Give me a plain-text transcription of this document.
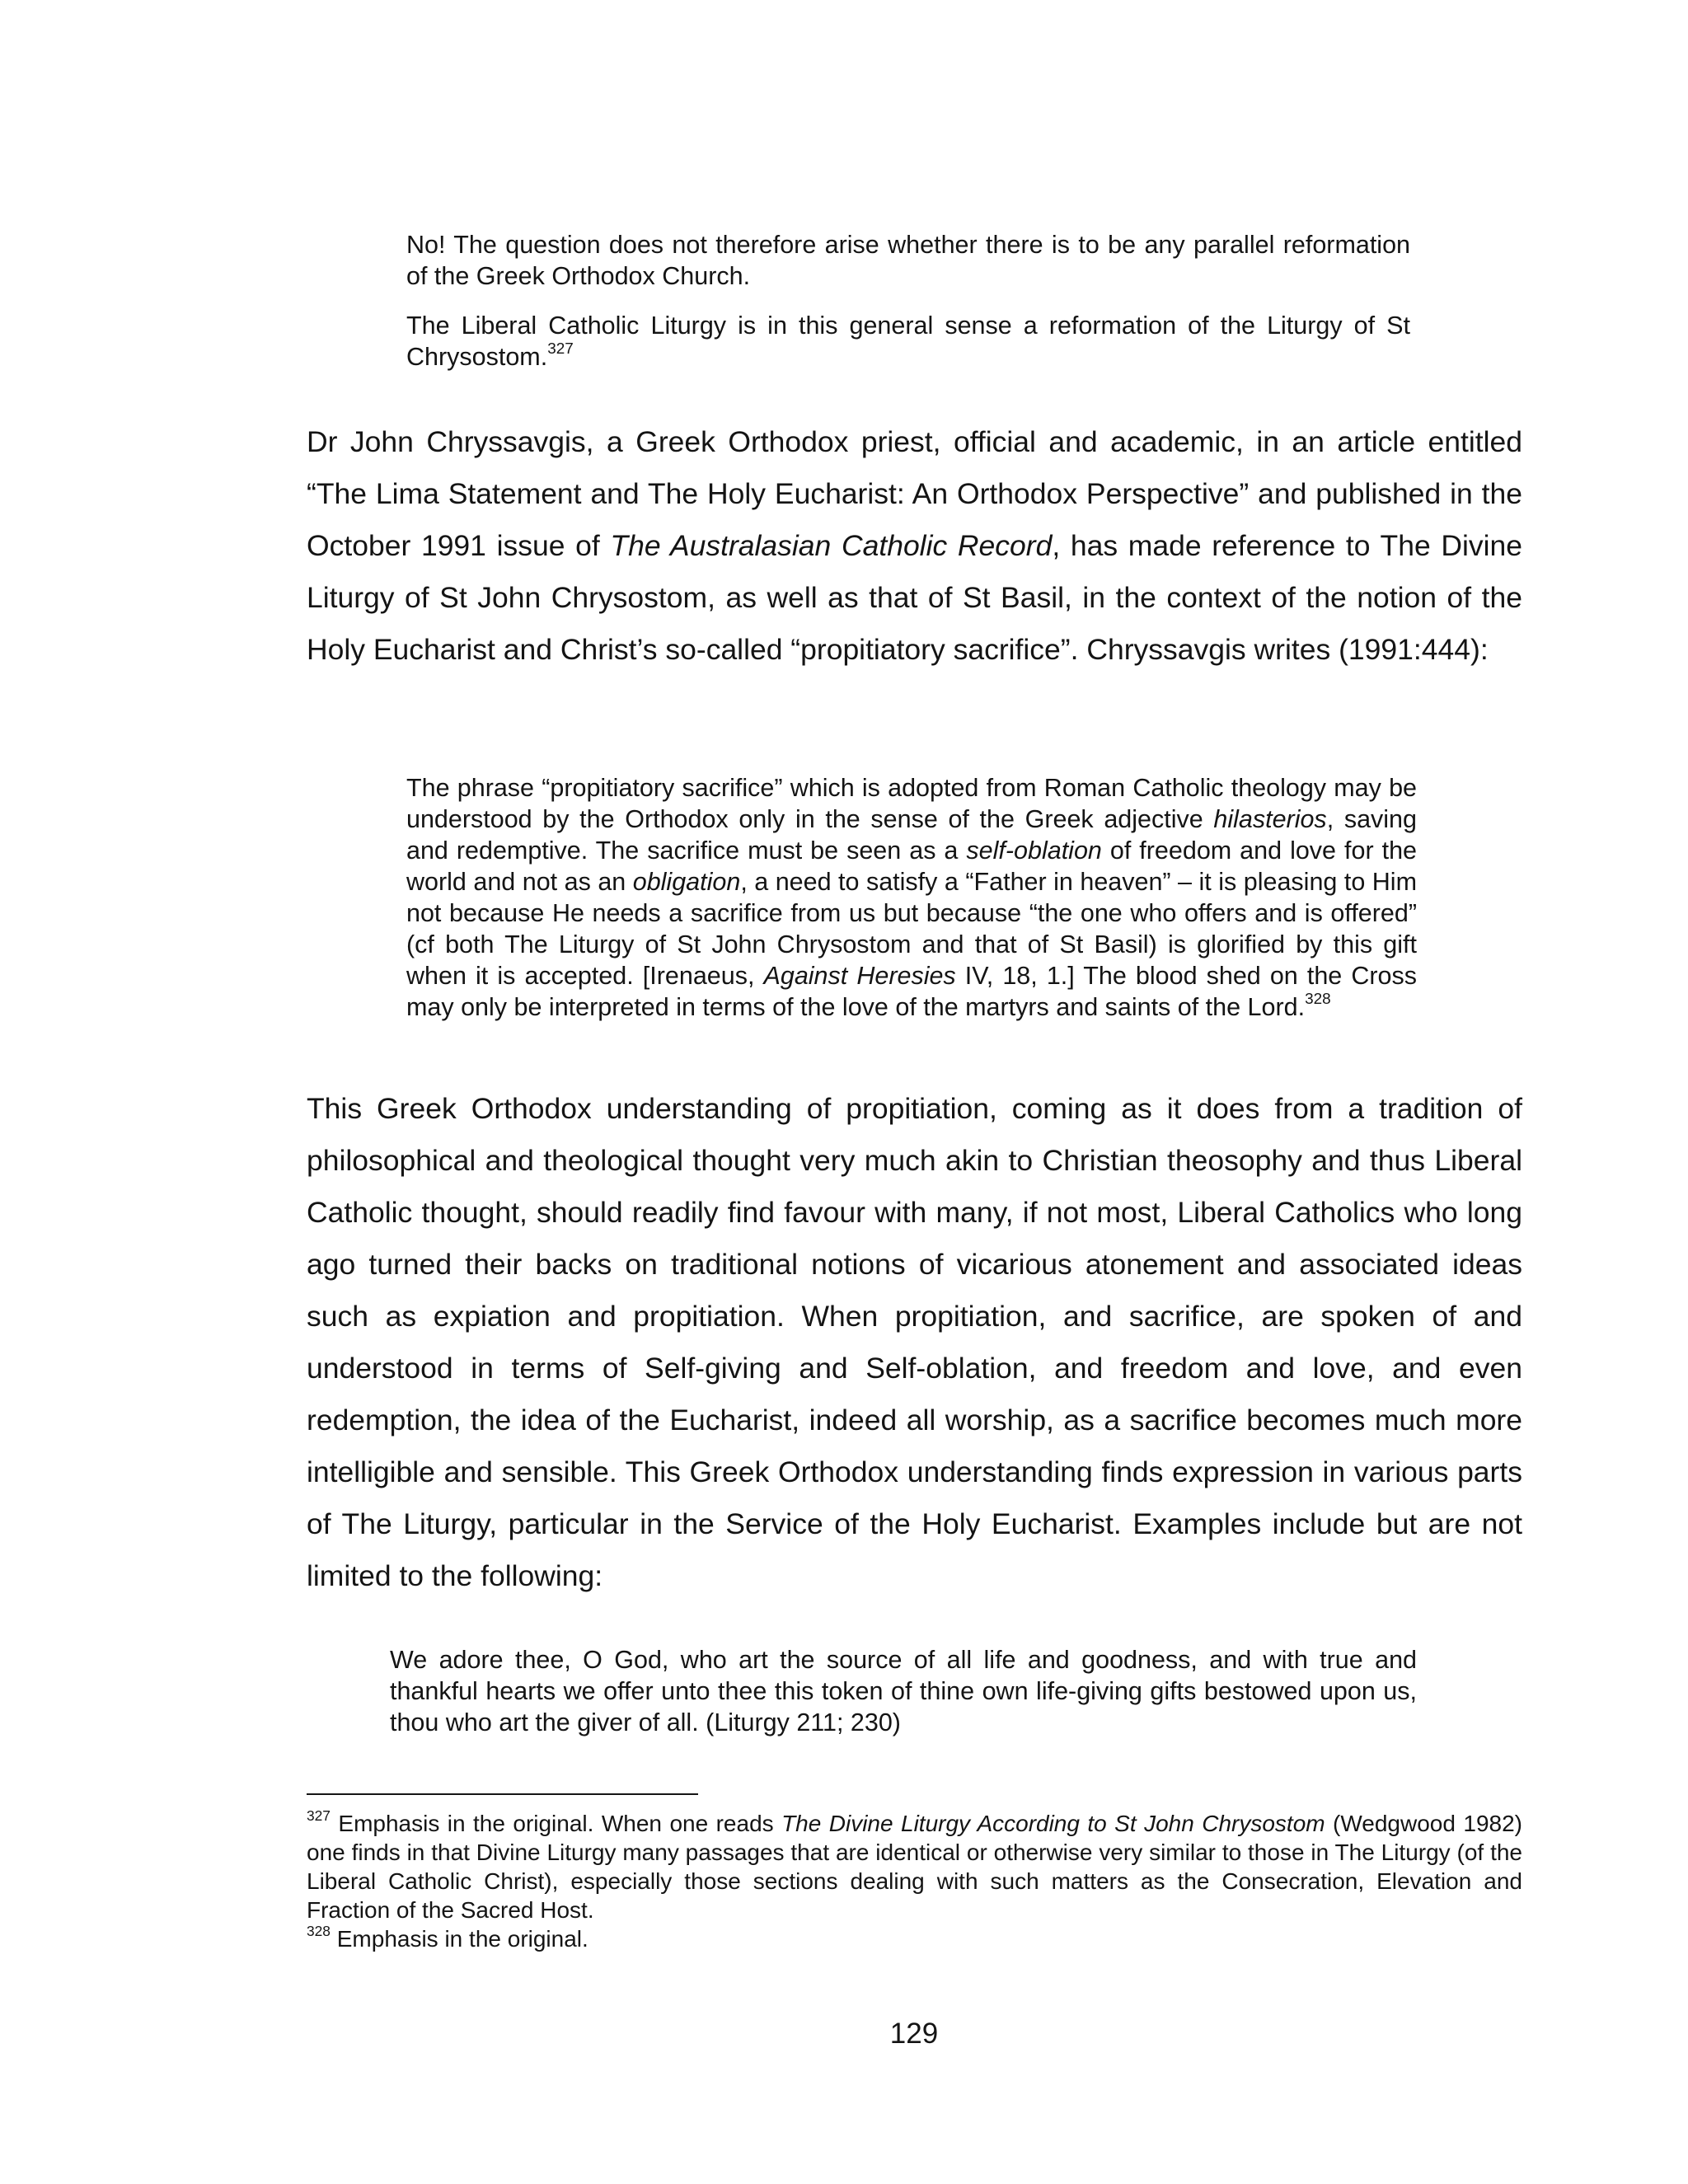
No! The question does not therefore arise whether there is to be any parallel reformation of the Greek Orthodox Church.

The Liberal Catholic Liturgy is in this general sense a reformation of the Liturgy of St Chrysostom.$^{327}$

Dr John Chryssavgis, a Greek Orthodox priest, official and academic, in an article entitled “The Lima Statement and The Holy Eucharist: An Orthodox Perspective” and published in the October 1991 issue of The Australasian Catholic Record, has made reference to The Divine Liturgy of St John Chrysostom, as well as that of St Basil, in the context of the notion of the Holy Eucharist and Christ’s so-called “propitiatory sacrifice”. Chryssavgis writes (1991:444):

The phrase “propitiatory sacrifice” which is adopted from Roman Catholic theology may be understood by the Orthodox only in the sense of the Greek adjective hilasterios, saving and redemptive. The sacrifice must be seen as a self-oblation of freedom and love for the world and not as an obligation, a need to satisfy a “Father in heaven” – it is pleasing to Him not because He needs a sacrifice from us but because “the one who offers and is offered” (cf both The Liturgy of St John Chrysostom and that of St Basil) is glorified by this gift when it is accepted. [Irenaeus, Against Heresies IV, 18, 1.] The blood shed on the Cross may only be interpreted in terms of the love of the martyrs and saints of the Lord.$^{328}$

This Greek Orthodox understanding of propitiation, coming as it does from a tradition of philosophical and theological thought very much akin to Christian theosophy and thus Liberal Catholic thought, should readily find favour with many, if not most, Liberal Catholics who long ago turned their backs on traditional notions of vicarious atonement and associated ideas such as expiation and propitiation. When propitiation, and sacrifice, are spoken of and understood in terms of Self-giving and Self-oblation, and freedom and love, and even redemption, the idea of the Eucharist, indeed all worship, as a sacrifice becomes much more intelligible and sensible. This Greek Orthodox understanding finds expression in various parts of The Liturgy, particular in the Service of the Holy Eucharist. Examples include but are not limited to the following:

We adore thee, O God, who art the source of all life and goodness, and with true and thankful hearts we offer unto thee this token of thine own life-giving gifts bestowed upon us, thou who art the giver of all. (Liturgy 211; 230)

$^{327}$ Emphasis in the original. When one reads The Divine Liturgy According to St John Chrysostom (Wedgwood 1982) one finds in that Divine Liturgy many passages that are identical or otherwise very similar to those in The Liturgy (of the Liberal Catholic Christ), especially those sections dealing with such matters as the Consecration, Elevation and Fraction of the Sacred Host.

$^{328}$ Emphasis in the original.

129
